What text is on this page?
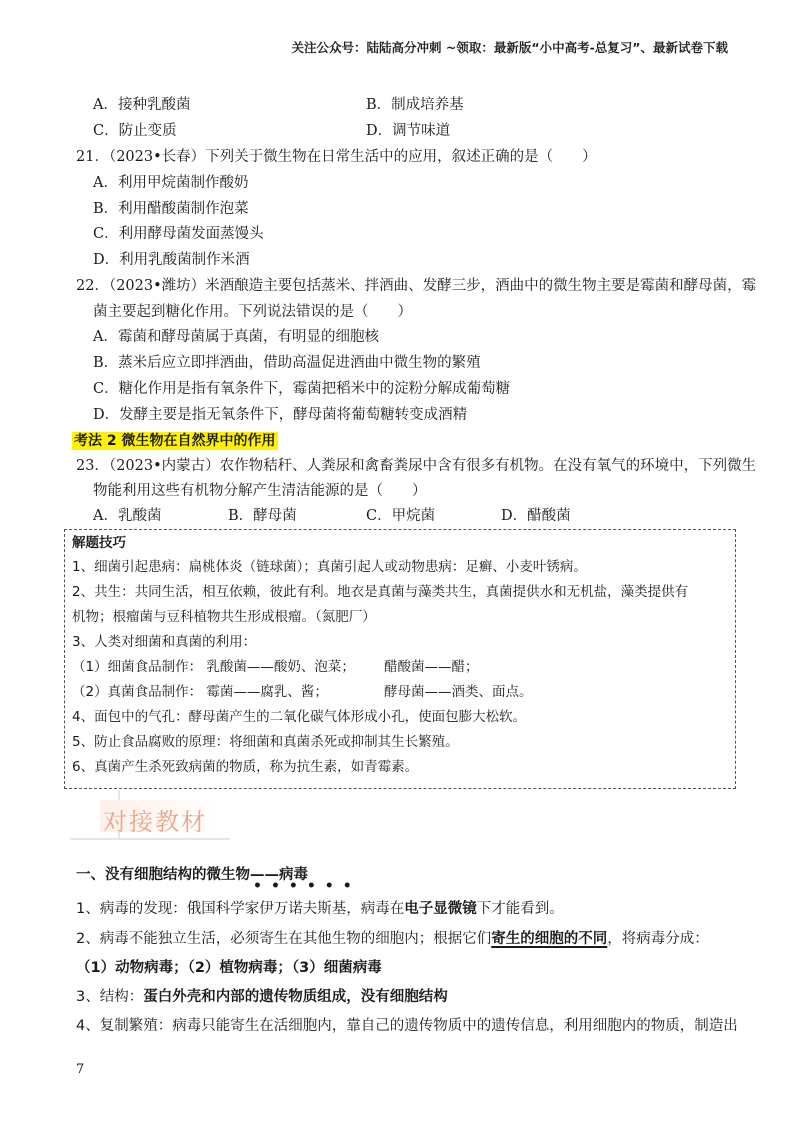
关注公众号：陆陆高分冲刺 ~领取：最新版“小中高考-总复习”、最新试卷下载
A．接种乳酸菌	B．制成培养基
C．防止变质	D．调节味道
21．（2023•长春）下列关于微生物在日常生活中的应用，叙述正确的是（　　）
A．利用甲烷菌制作酸奶
B．利用醋酸菌制作泡菜
C．利用酵母菌发面蒸馒头
D．利用乳酸菌制作米酒
22．（2023•潍坊）米酒酿造主要包括蒸米、拌酒曲、发酵三步，酒曲中的微生物主要是霉菌和酵母菌，霉
菌主要起到糖化作用。下列说法错误的是（　　）
A．霉菌和酵母菌属于真菌，有明显的细胞核
B．蒸米后应立即拌酒曲，借助高温促进酒曲中微生物的繁殖
C．糖化作用是指有氧条件下，霉菌把稻米中的淀粉分解成葡萄糖
D．发酵主要是指无氧条件下，酵母菌将葡萄糖转变成酒精
考法 2 微生物在自然界中的作用
23．（2023•内蒙古）农作物秸秆、人粪尿和禽畜粪尿中含有很多有机物。在没有氧气的环境中，下列微生
物能利用这些有机物分解产生清洁能源的是（　　）
A．乳酸菌	B．酵母菌	C．甲烷菌	D．醋酸菌
解题技巧
1、细菌引起患病：扁桃体炎（链球菌）；真菌引起人或动物患病：足癣、小麦叶锈病。
2、共生：共同生活，相互依赖，彼此有利。地衣是真菌与藻类共生，真菌提供水和无机盐，藻类提供有
机物；根瘤菌与豆科植物共生形成根瘤。（氮肥厂）
3、人类对细菌和真菌的利用：
（1）细菌食品制作： 乳酸菌——酸奶、泡菜； 醋酸菌——醋；
（2）真菌食品制作： 霉菌——腐乳、酱；	酵母菌——酒类、面点。
4、面包中的气孔：酵母菌产生的二氧化碳气体形成小孔，使面包膨大松软。
5、防止食品腐败的原理：将细菌和真菌杀死或抑制其生长繁殖。
6、真菌产生杀死致病菌的物质，称为抗生素，如青霉素。
对接教材
一、没有细胞结构的微生物——病毒
••••••
1、病毒的发现：俄国科学家伊万诺夫斯基，病毒在电子显微镜下才能看到。
2、病毒不能独立生活，必须寄生在其他生物的细胞内；根据它们寄生的细胞的不同，将病毒分成：
（1）动物病毒；（2）植物病毒；（3）细菌病毒
3、结构：蛋白外壳和内部的遗传物质组成，没有细胞结构
4、复制繁殖：病毒只能寄生在活细胞内，靠自己的遗传物质中的遗传信息，利用细胞内的物质，制造出
7
